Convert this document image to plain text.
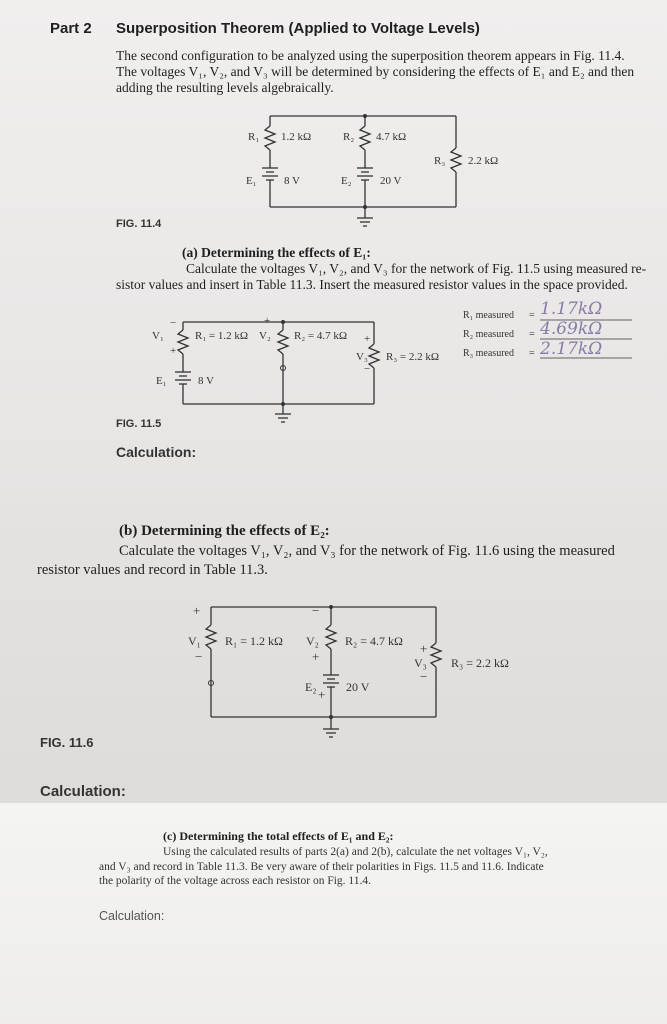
Part 2 Superposition Theorem (Applied to Voltage Levels)
The second configuration to be analyzed using the superposition theorem appears in Fig. 11.4.
The voltages V₁, V₂, and V₃ will be determined by considering the effects of E₁ and E₂ and then
adding the resulting levels algebraically.
R₁ 1.2 kΩ	R₂ 4.7 kΩ
R₃ 2.2 kΩ
E₁ 8 V	E₂	20 V
FIG. 11.4
(a) Determining the effects of E₁:
Calculate the voltages V₁, V₂, and V₃ for the network of Fig. 11.5 using measured re-
sistor values and insert in Table 11.3. Insert the measured resistor values in the space provided.
V₁	R₁ = 1.2 kΩ V₂ R₂ = 4.7 kΩ
V₃ R₃ = 2.2 kΩ
E₁	8 V
−
+
+
+
−
R₁ measured = 1.17kΩ
R₂ measured = 4.69kΩ
R₃ measured = 2.17kΩ
FIG. 11.5
Calculation:
(b) Determining the effects of E₂:
Calculate the voltages V₁, V₂, and V₃ for the network of Fig. 11.6 using the measured
resistor values and record in Table 11.3.
+
−
−
+
+
+
−
V₁ R₁ = 1.2 kΩ V₂ R₂ = 4.7 kΩ
V₃ R₃ = 2.2 kΩ
E₂ 20 V
FIG. 11.6
Calculation:
(c) Determining the total effects of E₁ and E₂:
Using the calculated results of parts 2(a) and 2(b), calculate the net voltages V₁, V₂,
and V₃ and record in Table 11.3. Be very aware of their polarities in Figs. 11.5 and 11.6. Indicate
the polarity of the voltage across each resistor on Fig. 11.4.
Calculation:
